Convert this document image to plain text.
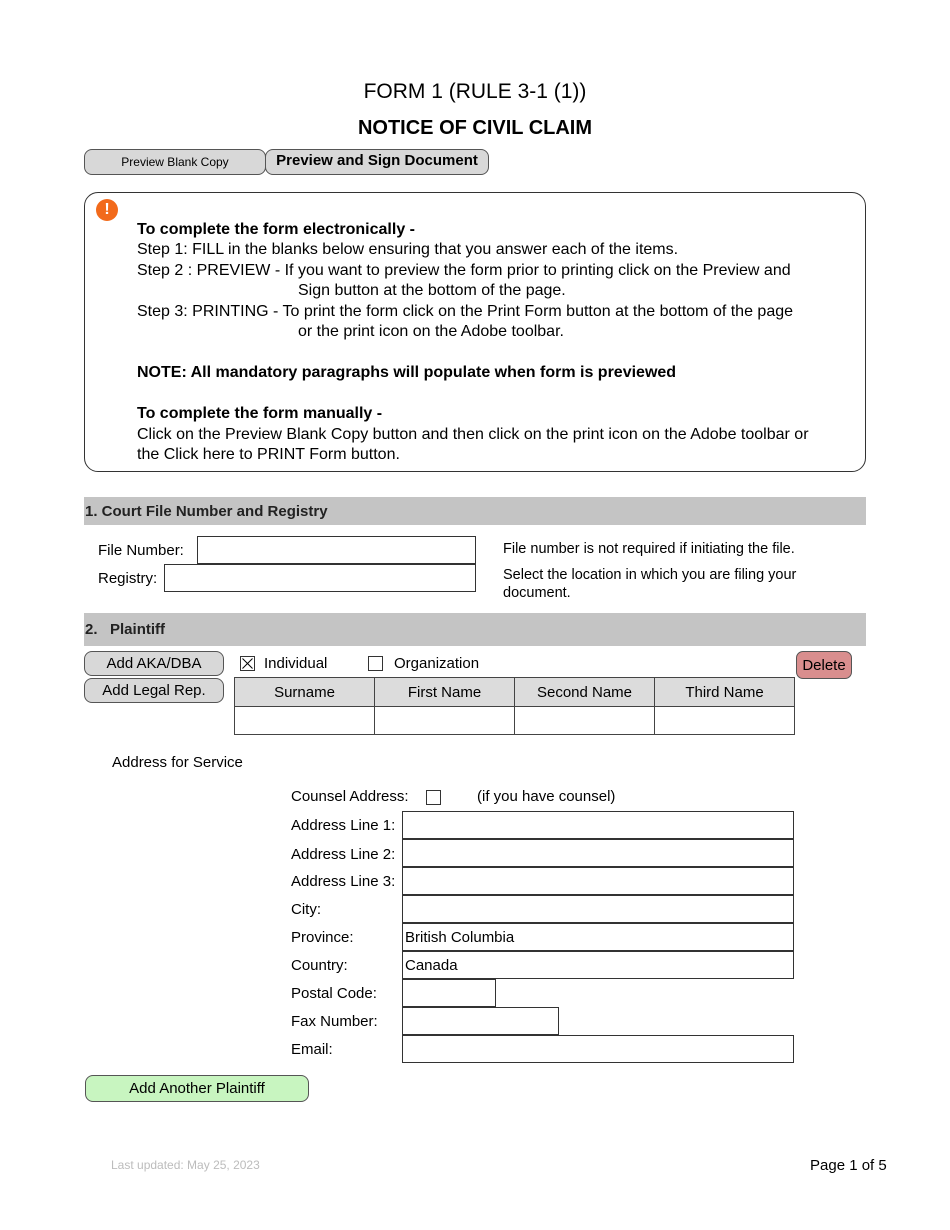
FORM 1 (RULE 3-1 (1))
NOTICE OF CIVIL CLAIM
Preview Blank Copy	Preview and Sign Document
!
To complete the form electronically -
Step 1: FILL in the blanks below ensuring that you answer each of the items.
Step 2 : PREVIEW - If you want to preview the form prior to printing click on the Preview and
Sign button at the bottom of the page.
Step 3: PRINTING - To print the form click on the Print Form button at the bottom of the page
or the print icon on the Adobe toolbar.
NOTE: All mandatory paragraphs will populate when form is previewed
To complete the form manually -
Click on the Preview Blank Copy button and then click on the print icon on the Adobe toolbar or
the Click here to PRINT Form button.
1. Court File Number and Registry
File Number:
Registry:
File number is not required if initiating the file.
Select the location in which you are filing your
document.
2.   Plaintiff
Add AKA/DBA
Add Legal Rep.
Individual	Organization	Delete
Surname	First Name	Second Name	Third Name

Address for Service
Counsel Address:	(if you have counsel)
Address Line 1:
Address Line 2:
Address Line 3:
City:
Province:	British Columbia
Country:	Canada
Postal Code:
Fax Number:
Email:
Add Another Plaintiff
Last updated: May 25, 2023	Page 1 of 5
